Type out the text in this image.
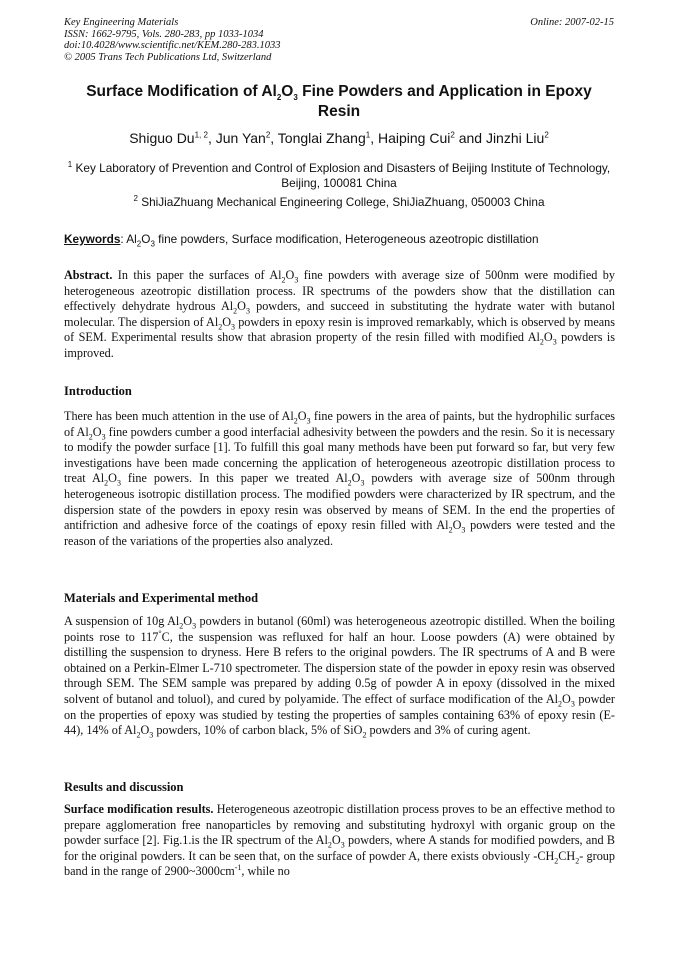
Key Engineering Materials
ISSN: 1662-9795, Vols. 280-283, pp 1033-1034
doi:10.4028/www.scientific.net/KEM.280-283.1033
© 2005 Trans Tech Publications Ltd, Switzerland
Online: 2007-02-15
Surface Modification of $Al_2O_3$ Fine Powders and Application in Epoxy Resin
Shiguo Du$^{1, 2}$, Jun Yan$^2$, Tonglai Zhang$^1$, Haiping Cui$^2$ and Jinzhi Liu$^2$
$^1$ Key Laboratory of Prevention and Control of Explosion and Disasters of Beijing Institute of Technology, Beijing, 100081 China
$^2$ ShiJiaZhuang Mechanical Engineering College, ShiJiaZhuang, 050003 China
Keywords: $Al_2O_3$ fine powders, Surface modification, Heterogeneous azeotropic distillation
Abstract. In this paper the surfaces of $Al_2O_3$ fine powders with average size of 500nm were modified by heterogeneous azeotropic distillation process. IR spectrums of the powders show that the distillation can effectively dehydrate hydrous $Al_2O_3$ powders, and succeed in substituting the hydrate water with butanol molecular. The dispersion of $Al_2O_3$ powders in epoxy resin is improved remarkably, which is observed by means of SEM. Experimental results show that abrasion property of the resin filled with modified $Al_2O_3$ powders is improved.
Introduction
There has been much attention in the use of $Al_2O_3$ fine powers in the area of paints, but the hydrophilic surfaces of $Al_2O_3$ fine powders cumber a good interfacial adhesivity between the powders and the resin. So it is necessary to modify the powder surface [1]. To fulfill this goal many methods have been put forward so far, but very few investigations have been made concerning the application of heterogeneous azeotropic distillation process to treat $Al_2O_3$ fine powers. In this paper we treated $Al_2O_3$ powders with average size of 500nm through heterogeneous isotropic distillation process. The modified powders were characterized by IR spectrum, and the dispersion state of the powders in epoxy resin was observed by means of SEM. In the end the properties of antifriction and adhesive force of the coatings of epoxy resin filled with $Al_2O_3$ powders were tested and the reason of the variations of the properties also analyzed.
Materials and Experimental method
A suspension of 10g $Al_2O_3$ powders in butanol (60ml) was heterogeneous azeotropic distilled. When the boiling points rose to 117°C, the suspension was refluxed for half an hour. Loose powders (A) were obtained by distilling the suspension to dryness. Here B refers to the original powders. The IR spectrums of A and B were obtained on a Perkin-Elmer L-710 spectrometer. The dispersion state of the powder in epoxy resin was observed through SEM. The SEM sample was prepared by adding 0.5g of powder A in epoxy (dissolved in the mixed solvent of butanol and toluol), and cured by polyamide. The effect of surface modification of the $Al_2O_3$ powder on the properties of epoxy was studied by testing the properties of samples containing 63% of epoxy resin (E-44), 14% of $Al_2O_3$ powders, 10% of carbon black, 5% of SiO$_2$ powders and 3% of curing agent.
Results and discussion
Surface modification results. Heterogeneous azeotropic distillation process proves to be an effective method to prepare agglomeration free nanoparticles by removing and substituting hydroxyl with organic group on the powder surface [2]. Fig.1.is the IR spectrum of the $Al_2O_3$ powders, where A stands for modified powders, and B for the original powders. It can be seen that, on the surface of powder A, there exists obviously $-CH_2CH_2-$ group band in the range of $2900\sim 3000cm^{-1}$, while no
